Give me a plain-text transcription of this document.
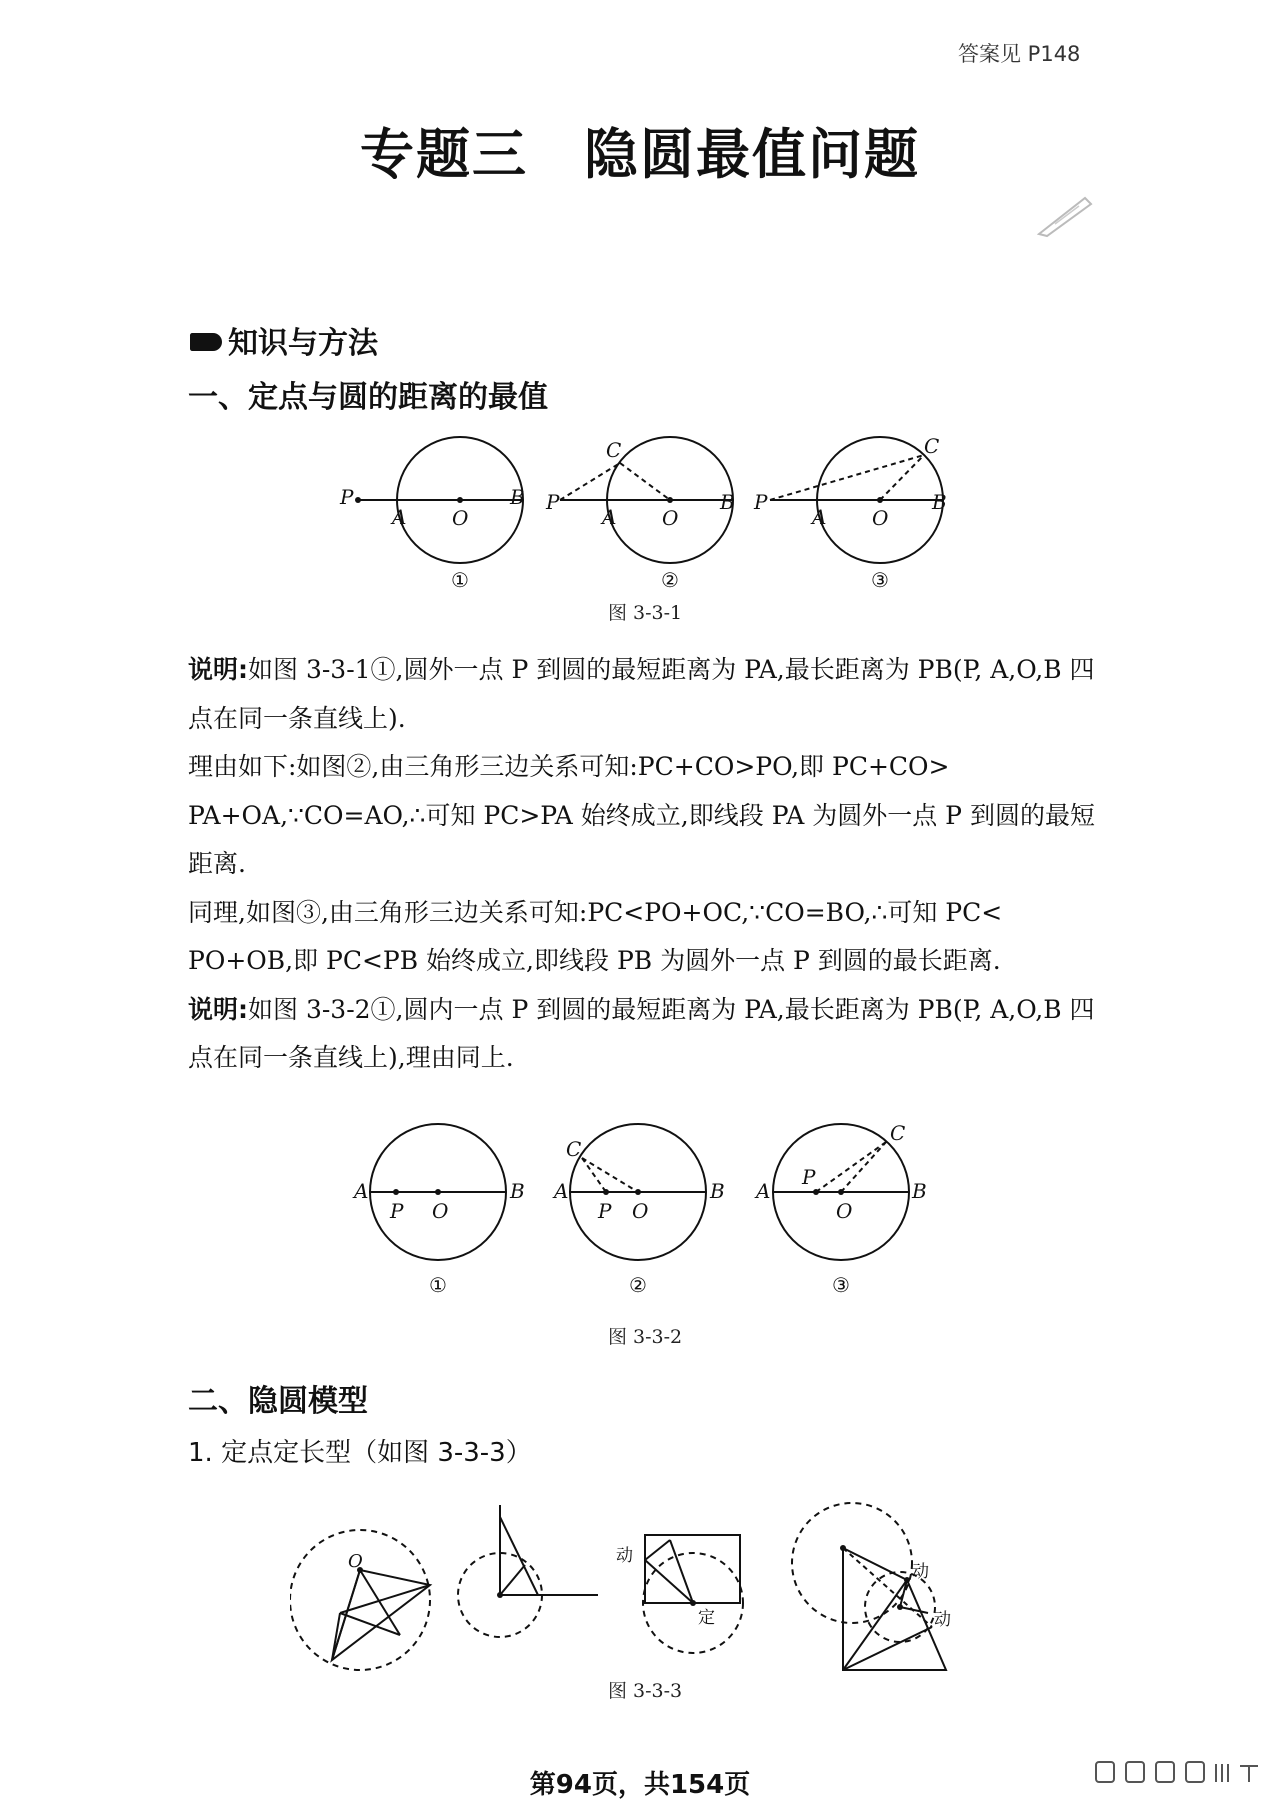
答案见 P148
专题三　隐圆最值问题
知识与方法
一、定点与圆的距离的最值
P
A O
B P
C
A O
B P
C
A O
B
①	②	③
图 3-3-1

说明:如图 3-3-1①,圆外一点 P 到圆的最短距离为 PA,最长距离为 PB(P, A,O,B 四点在同一条直线上).

理由如下:如图②,由三角形三边关系可知:PC+CO>PO,即 PC+CO> PA+OA,∵CO=AO,∴可知 PC>PA 始终成立,即线段 PA 为圆外一点 P 到圆的最短距离.

同理,如图③,由三角形三边关系可知:PC<PO+OC,∵CO=BO,∴可知 PC< PO+OB,即 PC<PB 始终成立,即线段 PB 为圆外一点 P 到圆的最长距离.

说明:如图 3-3-2①,圆内一点 P 到圆的最短距离为 PA,最长距离为 PB(P, A,O,B 四点在同一条直线上),理由同上.

A
P O
B
C
A
P O
B
C
A
P
O
B
①	②	③
图 3-3-2
二、隐圆模型
1. 定点定长型（如图 3-3-3）
O	动
定
动
动
图 3-3-3
第94页，共154页
